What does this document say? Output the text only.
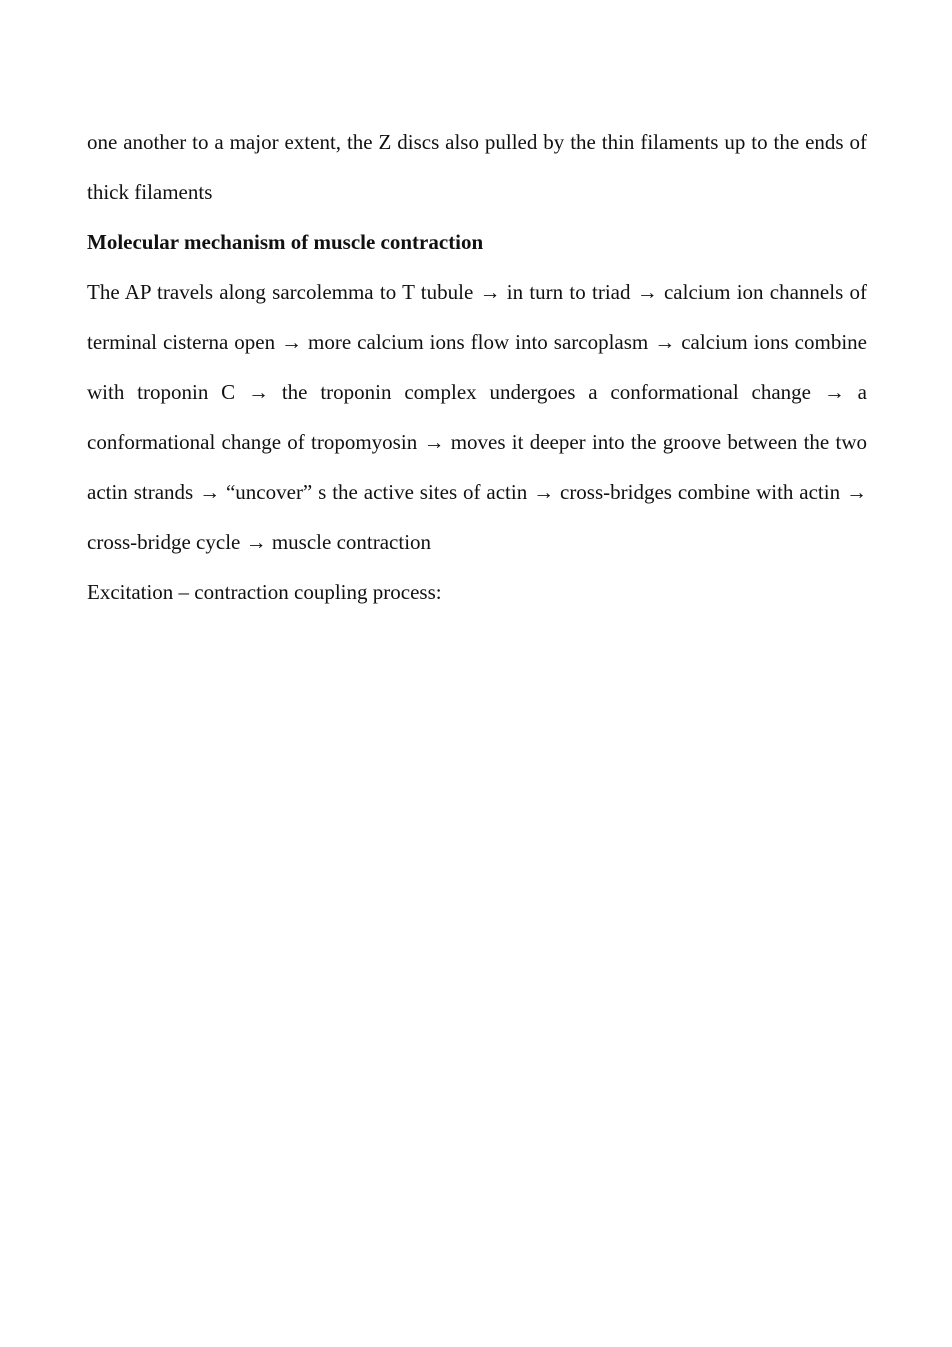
one another to a major extent, the Z discs also pulled by the thin filaments up to the ends of thick filaments

Molecular mechanism of muscle contraction

The AP travels along sarcolemma to T tubule → in turn to triad → calcium ion channels of terminal cisterna open → more calcium ions flow into sarcoplasm → calcium ions combine with troponin C → the troponin complex undergoes a conformational change → a conformational change of tropomyosin → moves it deeper into the groove between the two actin strands → “uncover” s the active sites of actin → cross-bridges combine with actin → cross-bridge cycle → muscle contraction

Excitation – contraction coupling process:
